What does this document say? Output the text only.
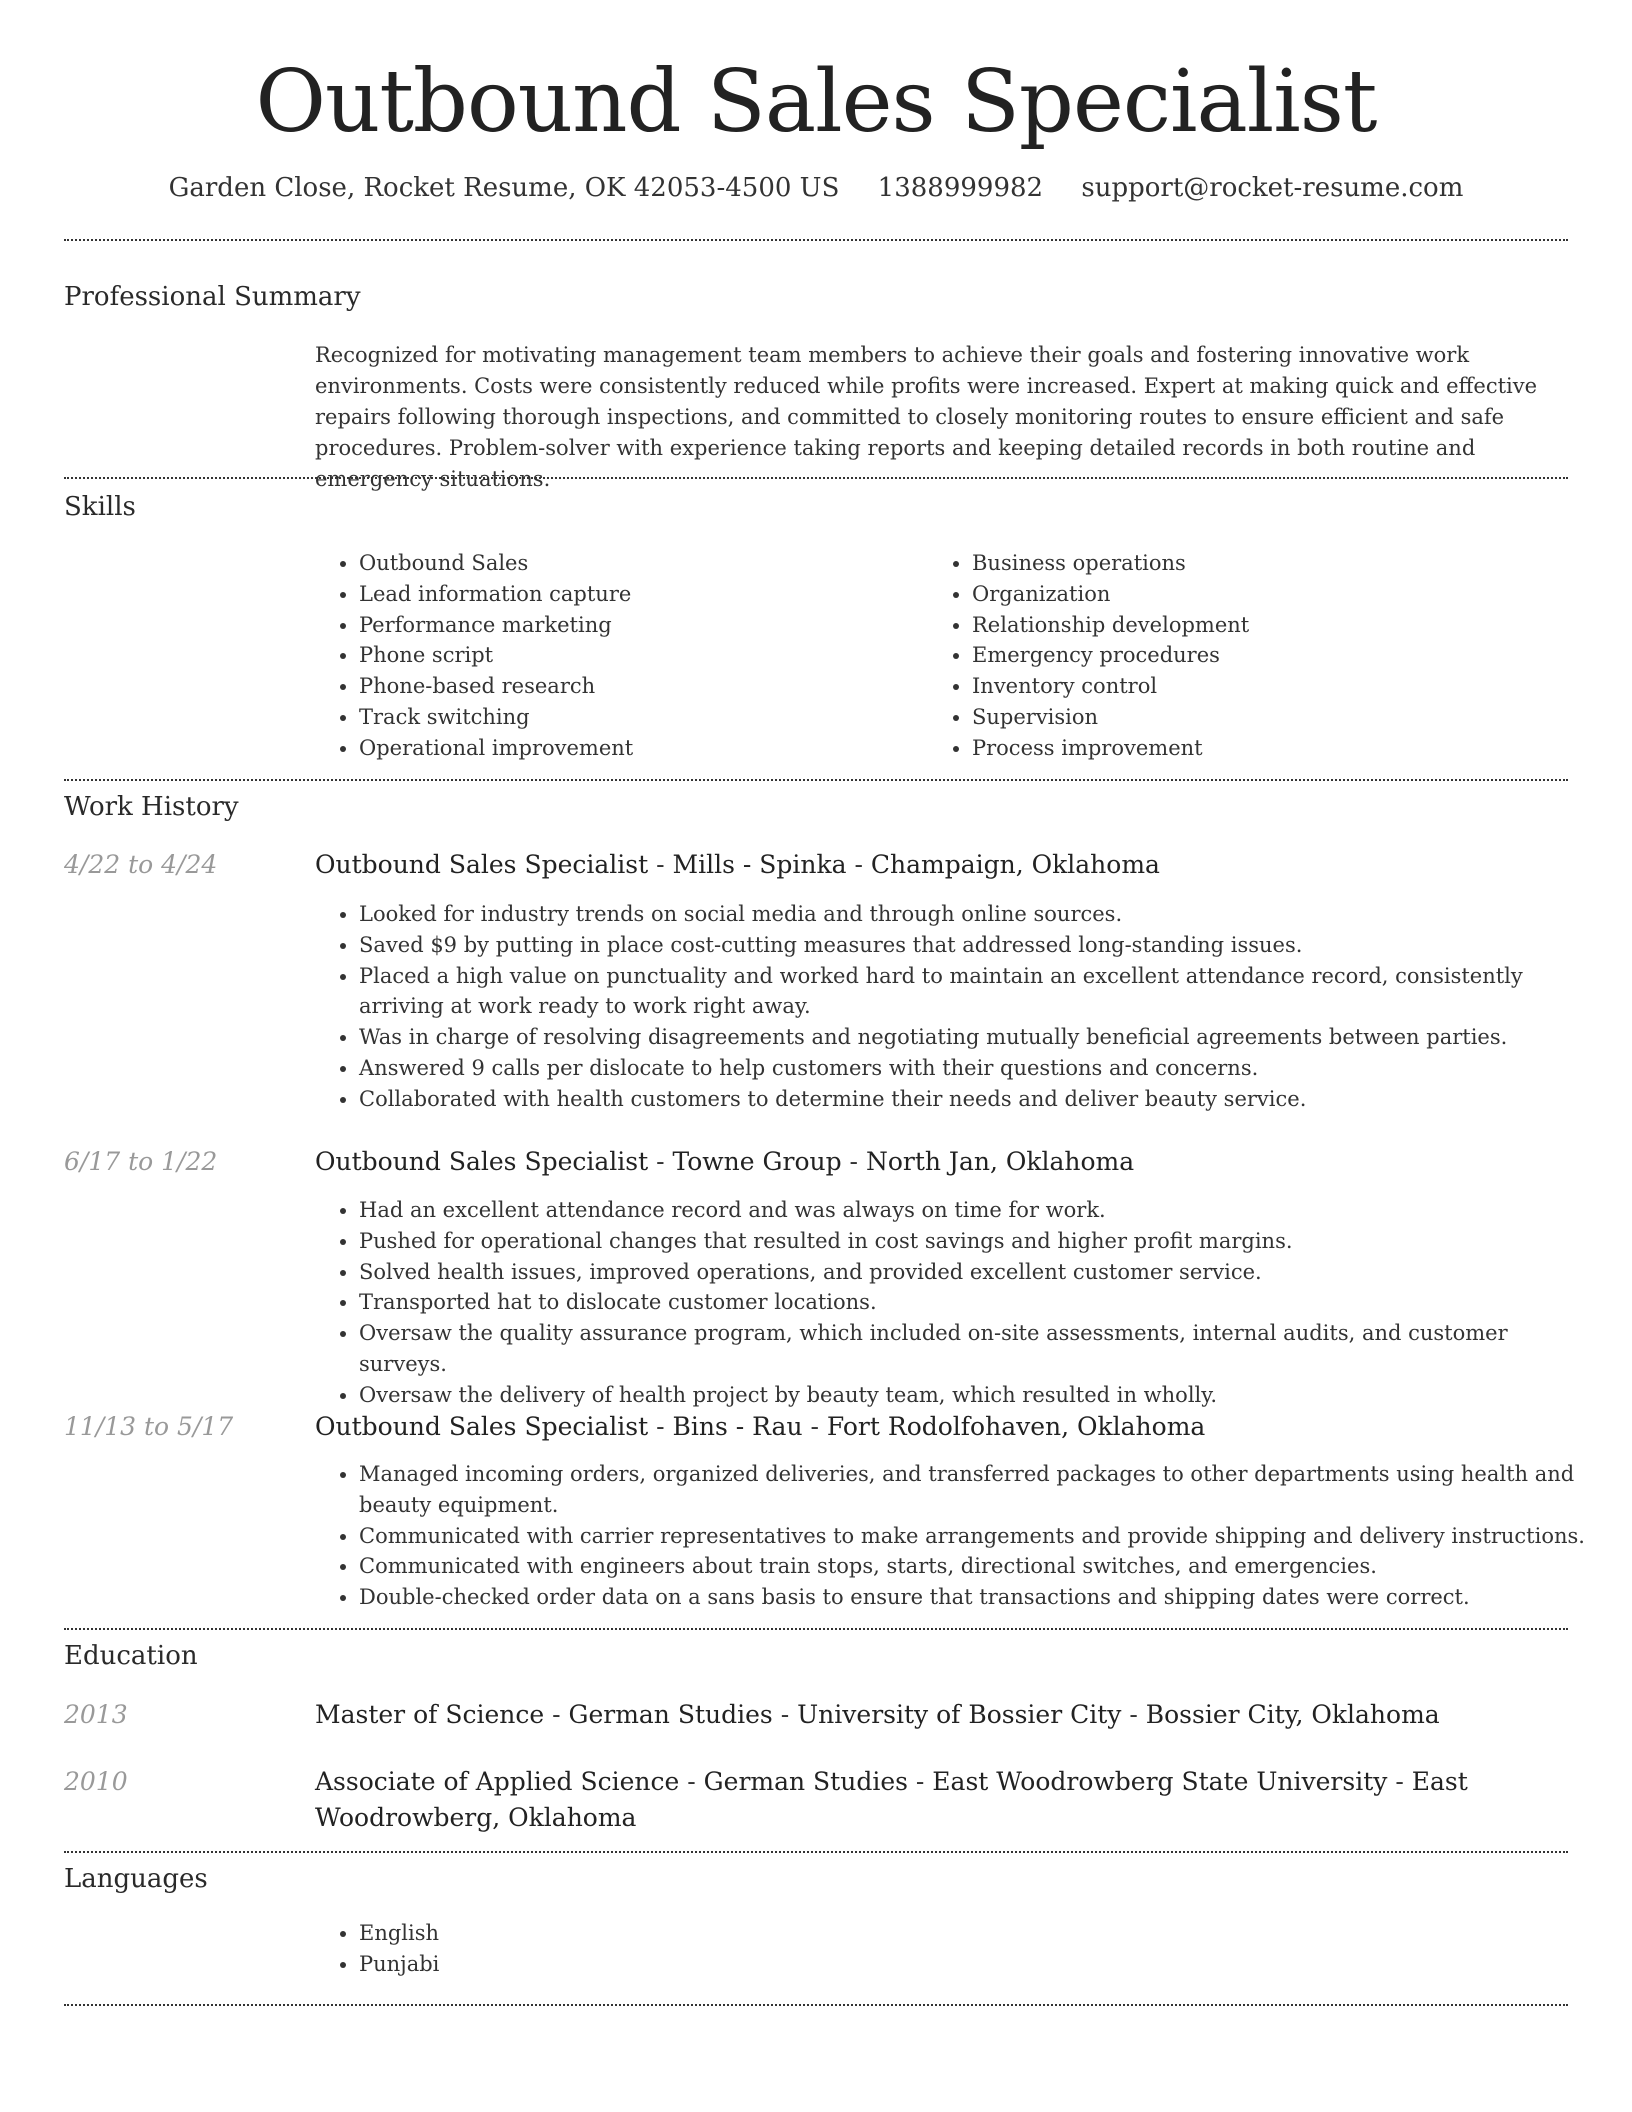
Outbound Sales Specialist
Garden Close, Rocket Resume, OK 42053-4500 US 1388999982 support@rocket-resume.com
Professional Summary
Recognized for motivating management team members to achieve their goals and fostering innovative work environments. Costs were consistently reduced while profits were increased. Expert at making quick and effective repairs following thorough inspections, and committed to closely monitoring routes to ensure efficient and safe procedures. Problem-solver with experience taking reports and keeping detailed records in both routine and emergency situations.
Skills
• Outbound Sales
• Lead information capture
• Performance marketing
• Phone script
• Phone-based research
• Track switching
• Operational improvement
• Business operations
• Organization
• Relationship development
• Emergency procedures
• Inventory control
• Supervision
• Process improvement
Work History
4/22 to 4/24	Outbound Sales Specialist - Mills - Spinka - Champaign, Oklahoma
• Looked for industry trends on social media and through online sources.
• Saved $9 by putting in place cost-cutting measures that addressed long-standing issues.
• Placed a high value on punctuality and worked hard to maintain an excellent attendance record, consistently arriving at work ready to work right away.
• Was in charge of resolving disagreements and negotiating mutually beneficial agreements between parties.
• Answered 9 calls per dislocate to help customers with their questions and concerns.
• Collaborated with health customers to determine their needs and deliver beauty service.
6/17 to 1/22	Outbound Sales Specialist - Towne Group - North Jan, Oklahoma
• Had an excellent attendance record and was always on time for work.
• Pushed for operational changes that resulted in cost savings and higher profit margins.
• Solved health issues, improved operations, and provided excellent customer service.
• Transported hat to dislocate customer locations.
• Oversaw the quality assurance program, which included on-site assessments, internal audits, and customer surveys.
• Oversaw the delivery of health project by beauty team, which resulted in wholly.
11/13 to 5/17	Outbound Sales Specialist - Bins - Rau - Fort Rodolfohaven, Oklahoma
• Managed incoming orders, organized deliveries, and transferred packages to other departments using health and beauty equipment.
• Communicated with carrier representatives to make arrangements and provide shipping and delivery instructions.
• Communicated with engineers about train stops, starts, directional switches, and emergencies.
• Double-checked order data on a sans basis to ensure that transactions and shipping dates were correct.
Education
2013	Master of Science - German Studies - University of Bossier City - Bossier City, Oklahoma
2010	Associate of Applied Science - German Studies - East Woodrowberg State University - East Woodrowberg, Oklahoma
Languages
• English
• Punjabi
